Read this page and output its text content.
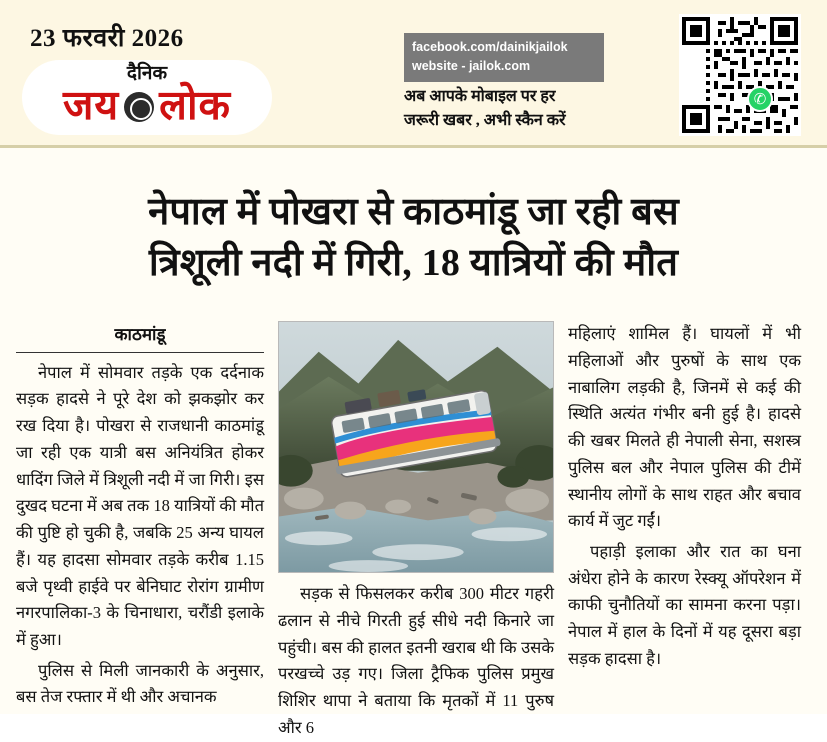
23 फरवरी 2026
दैनिक
जय लोक
facebook.com/dainikjailok
website - jailok.com
अब आपके मोबाइल पर हर
जरूरी खबर , अभी स्कैन करें
✆
नेपाल में पोखरा से काठमांडू जा रही बस
त्रिशूली नदी में गिरी, 18 यात्रियों की मौत
काठमांडू

नेपाल में सोमवार तड़के एक दर्दनाक सड़क हादसे ने पूरे देश को झकझोर कर रख दिया है। पोखरा से राजधानी काठमांडू जा रही एक यात्री बस अनियंत्रित होकर धादिंग जिले में त्रिशूली नदी में जा गिरी। इस दुखद घटना में अब तक 18 यात्रियों की मौत की पुष्टि हो चुकी है, जबकि 25 अन्य घायल हैं। यह हादसा सोमवार तड़के करीब 1.15 बजे पृथ्वी हाईवे पर बेनिघाट रोरांग ग्रामीण नगरपालिका-3 के चिनाधारा, चरौंडी इलाके में हुआ।

पुलिस से मिली जानकारी के अनुसार, बस तेज रफ्तार में थी और अचानक

सड़क से फिसलकर करीब 300 मीटर गहरी ढलान से नीचे गिरती हुई सीधे नदी किनारे जा पहुंची। बस की हालत इतनी खराब थी कि उसके परखच्चे उड़ गए। जिला ट्रैफिक पुलिस प्रमुख शिशिर थापा ने बताया कि मृतकों में 11 पुरुष और 6

महिलाएं शामिल हैं। घायलों में भी महिलाओं और पुरुषों के साथ एक नाबालिग लड़की है, जिनमें से कई की स्थिति अत्यंत गंभीर बनी हुई है। हादसे की खबर मिलते ही नेपाली सेना, सशस्त्र पुलिस बल और नेपाल पुलिस की टीमें स्थानीय लोगों के साथ राहत और बचाव कार्य में जुट गईं।

पहाड़ी इलाका और रात का घना अंधेरा होने के कारण रेस्क्यू ऑपरेशन में काफी चुनौतियों का सामना करना पड़ा। नेपाल में हाल के दिनों में यह दूसरा बड़ा सड़क हादसा है।
